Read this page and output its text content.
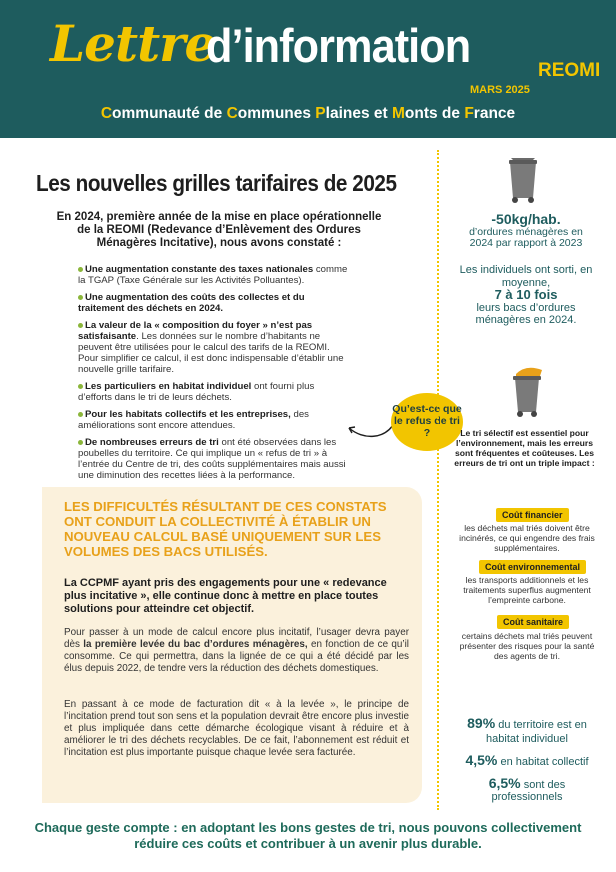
Lettre
d’information	REOMI
MARS 2025
Communauté de Communes Plaines et Monts de France
Les nouvelles grilles tarifaires de 2025
En 2024, première année de la mise en place opérationnelle de la REOMI (Redevance d’Enlèvement des Ordures Ménagères Incitative), nous avons constaté :
Une augmentation constante des taxes nationales comme la TGAP (Taxe Générale sur les Activités Polluantes).
Une augmentation des coûts des collectes et du traitement des déchets en 2024.
La valeur de la « composition du foyer » n’est pas satisfaisante. Les données sur le nombre d’habitants ne peuvent être utilisées pour le calcul des tarifs de la REOMI. Pour simplifier ce calcul, il est donc indispensable d’établir une nouvelle grille tarifaire.
Les particuliers en habitat individuel ont fourni plus d’efforts dans le tri de leurs déchets.
Pour les habitats collectifs et les entreprises, des améliorations sont encore attendues.
De nombreuses erreurs de tri ont été observées dans les poubelles du territoire. Ce qui implique un « refus de tri » à l’entrée du Centre de tri, des coûts supplémentaires mais aussi une diminution des recettes liées à la performance.
Qu’est-ce que le refus de tri ?
LES DIFFICULTÉS RÉSULTANT DE CES CONSTATS ONT CONDUIT LA COLLECTIVITÉ À ÉTABLIR UN NOUVEAU CALCUL BASÉ UNIQUEMENT SUR LES VOLUMES DES BACS UTILISÉS.
La CCPMF ayant pris des engagements pour une « redevance plus incitative », elle continue donc à mettre en place toutes solutions pour atteindre cet objectif.
Pour passer à un mode de calcul encore plus incitatif, l’usager devra payer dès la première levée du bac d’ordures ménagères, en fonction de ce qu’il consomme. Ce qui permettra, dans la lignée de ce qui a été décidé par les élus depuis 2022, de tendre vers la réduction des déchets domestiques.
En passant à ce mode de facturation dit « à la levée », le principe de l’incitation prend tout son sens et la population devrait être encore plus investie et plus impliquée dans cette démarche écologique visant à réduire et à améliorer le tri des déchets recyclables. De ce fait, l’abonnement est réduit et l’incitation est plus importante puisque chaque levée sera facturée.
-50kg/hab.
d’ordures ménagères en 2024 par rapport à 2023
Les individuels ont sorti, en moyenne,
7 à 10 fois
leurs bacs d’ordures ménagères en 2024.
Le tri sélectif est essentiel pour l’environnement, mais les erreurs sont fréquentes et coûteuses. Les erreurs de tri ont un triple impact :
Coût financier
les déchets mal triés doivent être incinérés, ce qui engendre des frais supplémentaires.
Coût environnemental
les transports additionnels et les traitements superflus augmentent l’empreinte carbone.
Coût sanitaire
certains déchets mal triés peuvent présenter des risques pour la santé des agents de tri.
89% du territoire est en habitat individuel
4,5% en habitat collectif
6,5% sont des professionnels
Chaque geste compte : en adoptant les bons gestes de tri, nous pouvons collectivement
réduire ces coûts et contribuer à un avenir plus durable.
